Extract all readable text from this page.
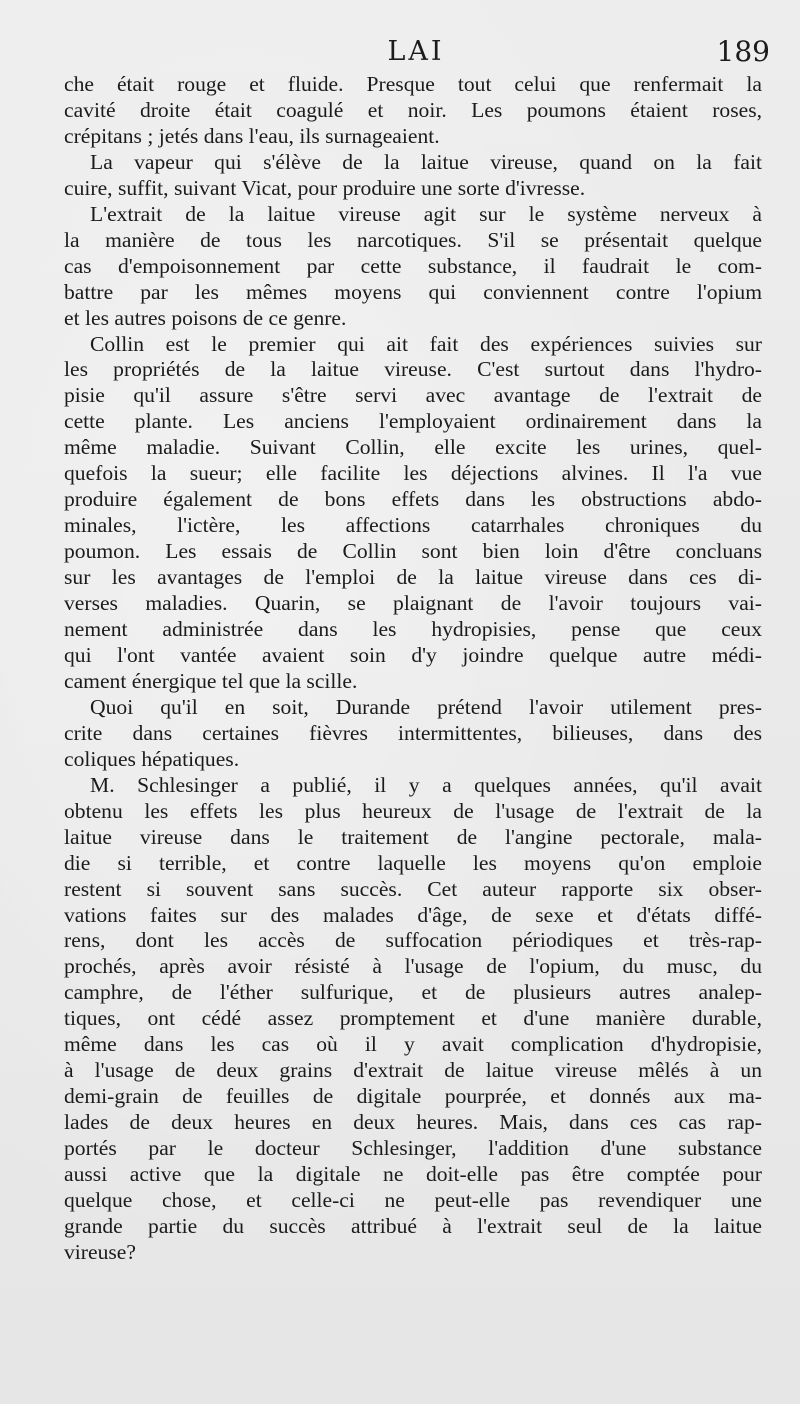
LAI	189
che était rouge et fluide. Presque tout celui que renfermait la
cavité droite était coagulé et noir. Les poumons étaient roses,
crépitans ; jetés dans l'eau, ils surnageaient.
La vapeur qui s'élève de la laitue vireuse, quand on la fait
cuire, suffit, suivant Vicat, pour produire une sorte d'ivresse.
L'extrait de la laitue vireuse agit sur le système nerveux à
la manière de tous les narcotiques. S'il se présentait quelque
cas d'empoisonnement par cette substance, il faudrait le com-
battre par les mêmes moyens qui conviennent contre l'opium
et les autres poisons de ce genre.
Collin est le premier qui ait fait des expériences suivies sur
les propriétés de la laitue vireuse. C'est surtout dans l'hydro-
pisie qu'il assure s'être servi avec avantage de l'extrait de
cette plante. Les anciens l'employaient ordinairement dans la
même maladie. Suivant Collin, elle excite les urines, quel-
quefois la sueur; elle facilite les déjections alvines. Il l'a vue
produire également de bons effets dans les obstructions abdo-
minales, l'ictère, les affections catarrhales chroniques du
poumon. Les essais de Collin sont bien loin d'être concluans
sur les avantages de l'emploi de la laitue vireuse dans ces di-
verses maladies. Quarin, se plaignant de l'avoir toujours vai-
nement administrée dans les hydropisies, pense que ceux
qui l'ont vantée avaient soin d'y joindre quelque autre médi-
cament énergique tel que la scille.
Quoi qu'il en soit, Durande prétend l'avoir utilement pres-
crite dans certaines fièvres intermittentes, bilieuses, dans des
coliques hépatiques.
M. Schlesinger a publié, il y a quelques années, qu'il avait
obtenu les effets les plus heureux de l'usage de l'extrait de la
laitue vireuse dans le traitement de l'angine pectorale, mala-
die si terrible, et contre laquelle les moyens qu'on emploie
restent si souvent sans succès. Cet auteur rapporte six obser-
vations faites sur des malades d'âge, de sexe et d'états diffé-
rens, dont les accès de suffocation périodiques et très-rap-
prochés, après avoir résisté à l'usage de l'opium, du musc, du
camphre, de l'éther sulfurique, et de plusieurs autres analep-
tiques, ont cédé assez promptement et d'une manière durable,
même dans les cas où il y avait complication d'hydropisie,
à l'usage de deux grains d'extrait de laitue vireuse mêlés à un
demi-grain de feuilles de digitale pourprée, et donnés aux ma-
lades de deux heures en deux heures. Mais, dans ces cas rap-
portés par le docteur Schlesinger, l'addition d'une substance
aussi active que la digitale ne doit-elle pas être comptée pour
quelque chose, et celle-ci ne peut-elle pas revendiquer une
grande partie du succès attribué à l'extrait seul de la laitue
vireuse?
